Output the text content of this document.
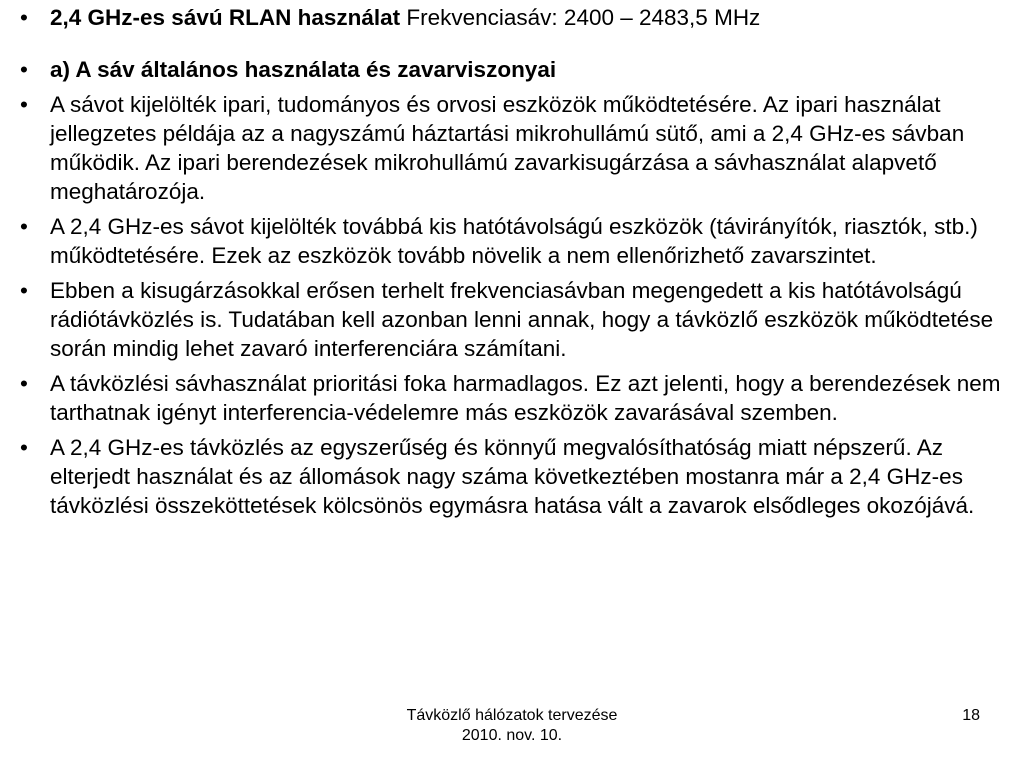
• 2,4 GHz-es sávú RLAN használat Frekvenciasáv: 2400 – 2483,5 MHz
• a) A sáv általános használata és zavarviszonyai
• A sávot kijelölték ipari, tudományos és orvosi eszközök működtetésére. Az ipari használat jellegzetes példája az a nagyszámú háztartási mikrohullámú sütő, ami a 2,4 GHz-es sávban működik. Az ipari berendezések mikrohullámú zavarkisugárzása a sávhasználat alapvető meghatározója.
• A 2,4 GHz-es sávot kijelölték továbbá kis hatótávolságú eszközök (távirányítók, riasztók, stb.) működtetésére. Ezek az eszközök tovább növelik a nem ellenőrizhető zavarszintet.
• Ebben a kisugárzásokkal erősen terhelt frekvenciasávban megengedett a kis hatótávolságú rádiótávközlés is. Tudatában kell azonban lenni annak, hogy a távközlő eszközök működtetése során mindig lehet zavaró interferenciára számítani.
• A távközlési sávhasználat prioritási foka harmadlagos. Ez azt jelenti, hogy a berendezések nem tarthatnak igényt interferencia-védelemre más eszközök zavarásával szemben.
• A 2,4 GHz-es távközlés az egyszerűség és könnyű megvalósíthatóság miatt népszerű. Az elterjedt használat és az állomások nagy száma következtében mostanra már a 2,4 GHz-es távközlési összeköttetések kölcsönös egymásra hatása vált a zavarok elsődleges okozójává.
Távközlő hálózatok tervezése
2010. nov. 10.
18
